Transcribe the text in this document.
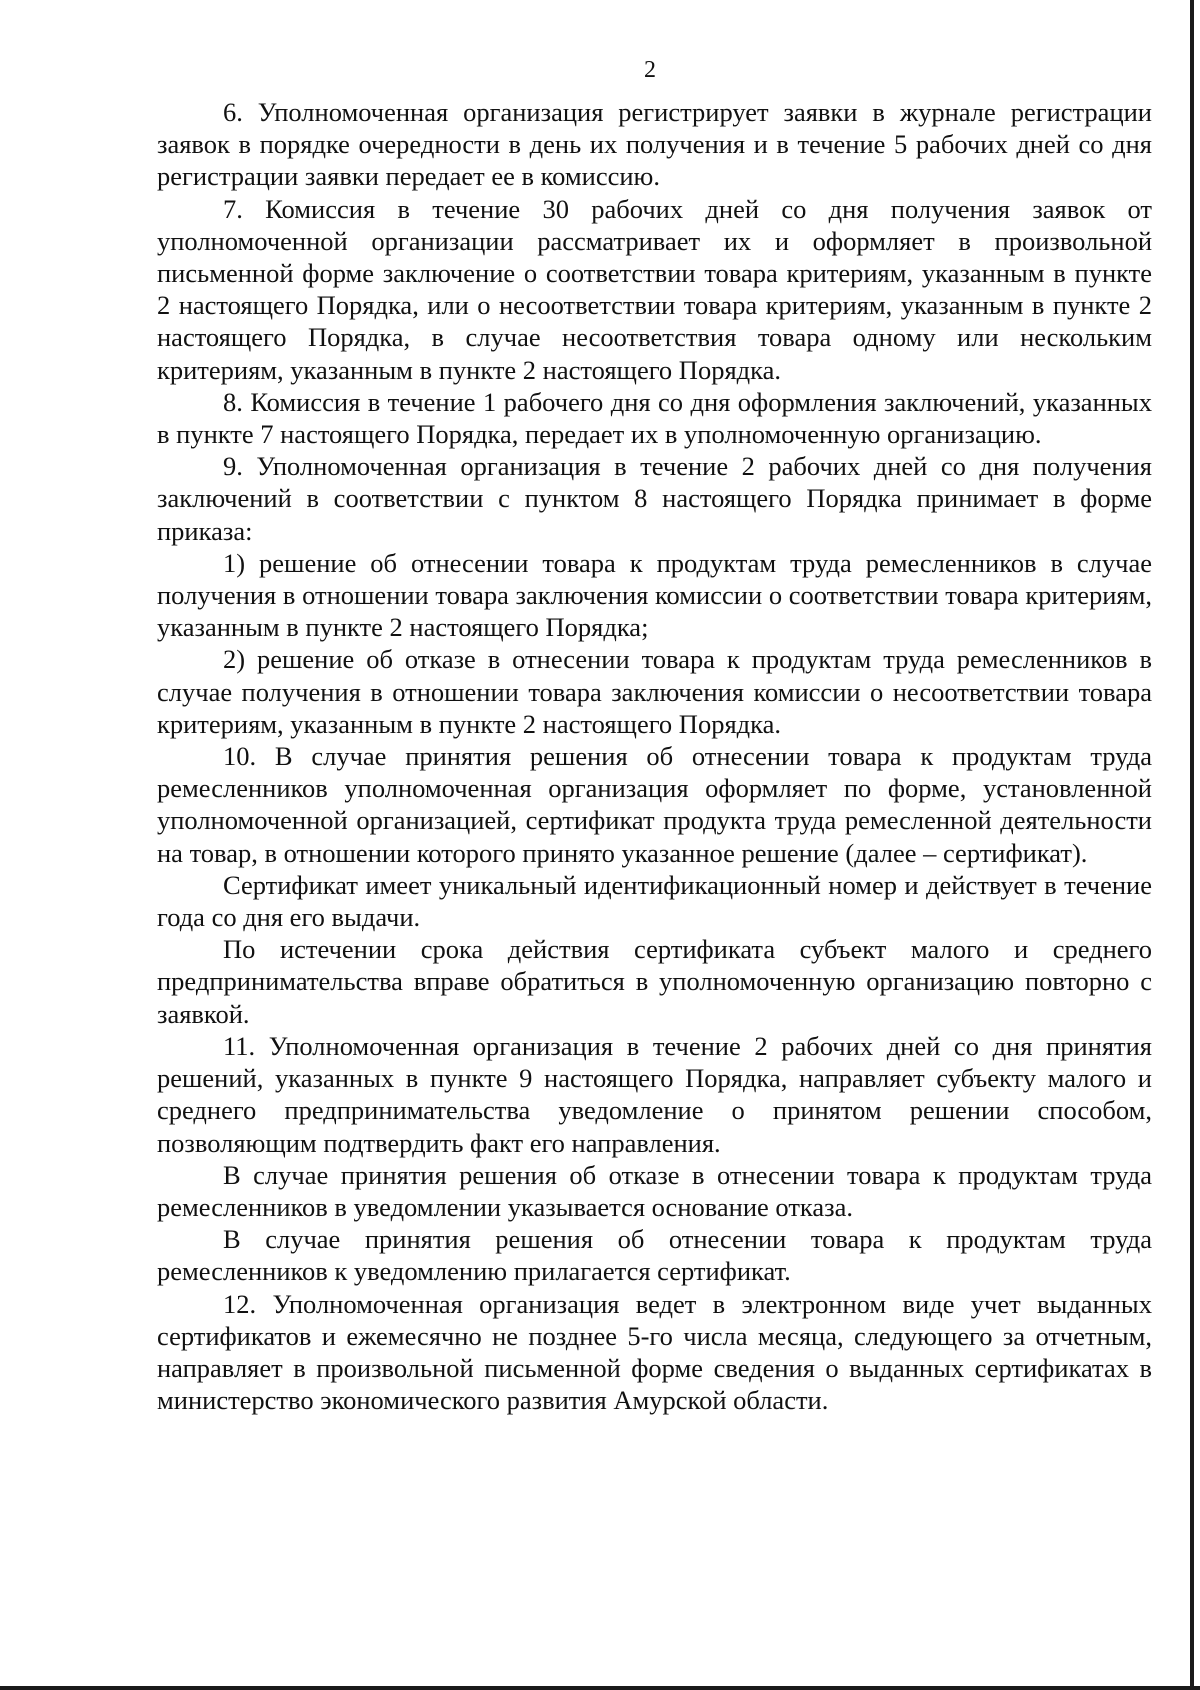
2

6. Уполномоченная организация регистрирует заявки в журнале регистрации заявок в порядке очередности в день их получения и в течение 5 рабочих дней со дня регистрации заявки передает ее в комиссию.

7. Комиссия в течение 30 рабочих дней со дня получения заявок от уполномоченной организации рассматривает их и оформляет в произвольной письменной форме заключение о соответствии товара критериям, указанным в пункте 2 настоящего Порядка, или о несоответствии товара критериям, указанным в пункте 2 настоящего Порядка, в случае несоответствия товара одному или нескольким критериям, указанным в пункте 2 настоящего Порядка.

8. Комиссия в течение 1 рабочего дня со дня оформления заключений, указанных в пункте 7 настоящего Порядка, передает их в уполномоченную организацию.

9. Уполномоченная организация в течение 2 рабочих дней со дня получения заключений в соответствии с пунктом 8 настоящего Порядка принимает в форме приказа:

1) решение об отнесении товара к продуктам труда ремесленников в случае получения в отношении товара заключения комиссии о соответствии товара критериям, указанным в пункте 2 настоящего Порядка;

2) решение об отказе в отнесении товара к продуктам труда ремесленников в случае получения в отношении товара заключения комиссии о несоответствии товара критериям, указанным в пункте 2 настоящего Порядка.

10. В случае принятия решения об отнесении товара к продуктам труда ремесленников уполномоченная организация оформляет по форме, установленной уполномоченной организацией, сертификат продукта труда ремесленной деятельности на товар, в отношении которого принято указанное решение (далее – сертификат).

Сертификат имеет уникальный идентификационный номер и действует в течение года со дня его выдачи.

По истечении срока действия сертификата субъект малого и среднего предпринимательства вправе обратиться в уполномоченную организацию повторно с заявкой.

11. Уполномоченная организация в течение 2 рабочих дней со дня принятия решений, указанных в пункте 9 настоящего Порядка, направляет субъекту малого и среднего предпринимательства уведомление о принятом решении способом, позволяющим подтвердить факт его направления.

В случае принятия решения об отказе в отнесении товара к продуктам труда ремесленников в уведомлении указывается основание отказа.

В случае принятия решения об отнесении товара к продуктам труда ремесленников к уведомлению прилагается сертификат.

12. Уполномоченная организация ведет в электронном виде учет выданных сертификатов и ежемесячно не позднее 5-го числа месяца, следующего за отчетным, направляет в произвольной письменной форме сведения о выданных сертификатах в министерство экономического развития Амурской области.
